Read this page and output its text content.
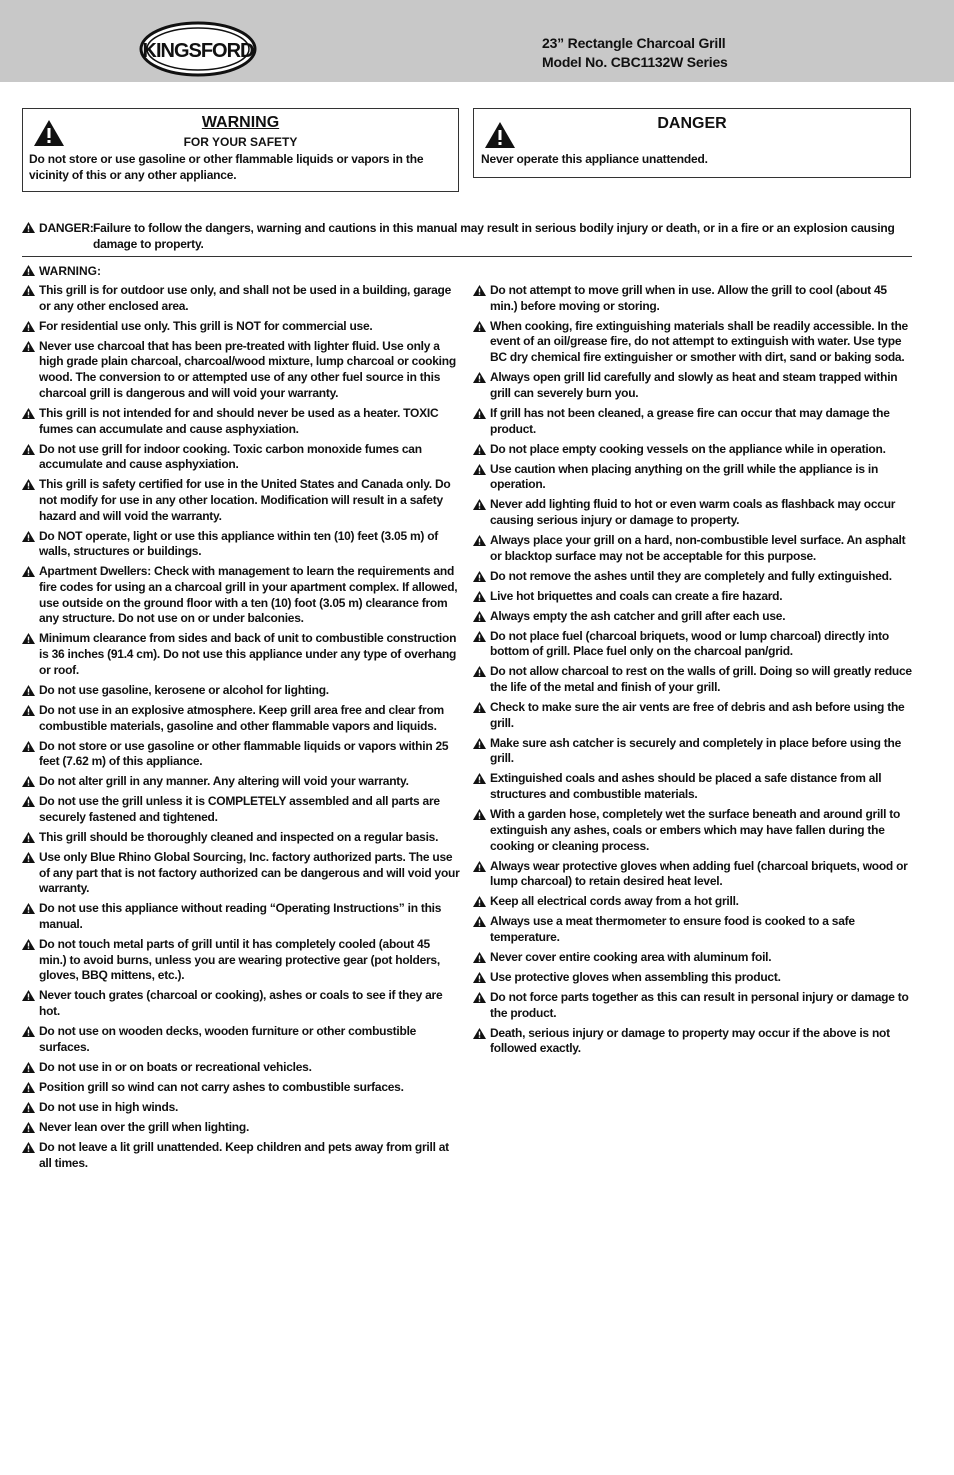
KINGSFORD	23” Rectangle Charcoal Grill
Model No. CBC1132W Series
WARNING
FOR YOUR SAFETY
Do not store or use gasoline or other flammable liquids or vapors in the vicinity of this or any other appliance.
DANGER
Never operate this appliance unattended.
DANGER: Failure to follow the dangers, warning and cautions in this manual may result in serious bodily injury or death, or in a fire or an explosion causing damage to property.
WARNING:
This grill is for outdoor use only, and shall not be used in a building, garage or any other enclosed area.
For residential use only. This grill is NOT for commercial use.
Never use charcoal that has been pre-treated with lighter fluid. Use only a high grade plain charcoal, charcoal/wood mixture, lump charcoal or cooking wood. The conversion to or attempted use of any other fuel source in this charcoal grill is dangerous and will void your warranty.
This grill is not intended for and should never be used as a heater. TOXIC fumes can accumulate and cause asphyxiation.
Do not use grill for indoor cooking. Toxic carbon monoxide fumes can accumulate and cause asphyxiation.
This grill is safety certified for use in the United States and Canada only. Do not modify for use in any other location. Modification will result in a safety hazard and will void the warranty.
Do NOT operate, light or use this appliance within ten (10) feet (3.05 m) of walls, structures or buildings.
Apartment Dwellers: Check with management to learn the requirements and fire codes for using an a charcoal grill in your apartment complex. If allowed, use outside on the ground floor with a ten (10) foot (3.05 m) clearance from any structure. Do not use on or under balconies.
Minimum clearance from sides and back of unit to combustible construction is 36 inches (91.4 cm). Do not use this appliance under any type of overhang or roof.
Do not use gasoline, kerosene or alcohol for lighting.
Do not use in an explosive atmosphere. Keep grill area free and clear from combustible materials, gasoline and other flammable vapors and liquids.
Do not store or use gasoline or other flammable liquids or vapors within 25 feet (7.62 m) of this appliance.
Do not alter grill in any manner. Any altering will void your warranty.
Do not use the grill unless it is COMPLETELY assembled and all parts are securely fastened and tightened.
This grill should be thoroughly cleaned and inspected on a regular basis.
Use only Blue Rhino Global Sourcing, Inc. factory authorized parts. The use of any part that is not factory authorized can be dangerous and will void your warranty.
Do not use this appliance without reading “Operating Instructions” in this manual.
Do not touch metal parts of grill until it has completely cooled (about 45 min.) to avoid burns, unless you are wearing protective gear (pot holders, gloves, BBQ mittens, etc.).
Never touch grates (charcoal or cooking), ashes or coals to see if they are hot.
Do not use on wooden decks, wooden furniture or other combustible surfaces.
Do not use in or on boats or recreational vehicles.
Position grill so wind can not carry ashes to combustible surfaces.
Do not use in high winds.
Never lean over the grill when lighting.
Do not leave a lit grill unattended. Keep children and pets away from grill at all times.
Do not attempt to move grill when in use. Allow the grill to cool (about 45 min.) before moving or storing.
When cooking, fire extinguishing materials shall be readily accessible. In the event of an oil/grease fire, do not attempt to extinguish with water. Use type BC dry chemical fire extinguisher or smother with dirt, sand or baking soda.
Always open grill lid carefully and slowly as heat and steam trapped within grill can severely burn you.
If grill has not been cleaned, a grease fire can occur that may damage the product.
Do not place empty cooking vessels on the appliance while in operation.
Use caution when placing anything on the grill while the appliance is in operation.
Never add lighting fluid to hot or even warm coals as flashback may occur causing serious injury or damage to property.
Always place your grill on a hard, non-combustible level surface. An asphalt or blacktop surface may not be acceptable for this purpose.
Do not remove the ashes until they are completely and fully extinguished.
Live hot briquettes and coals can create a fire hazard.
Always empty the ash catcher and grill after each use.
Do not place fuel (charcoal briquets, wood or lump charcoal) directly into bottom of grill. Place fuel only on the charcoal pan/grid.
Do not allow charcoal to rest on the walls of grill. Doing so will greatly reduce the life of the metal and finish of your grill.
Check to make sure the air vents are free of debris and ash before using the grill.
Make sure ash catcher is securely and completely in place before using the grill.
Extinguished coals and ashes should be placed a safe distance from all structures and combustible materials.
With a garden hose, completely wet the surface beneath and around grill to extinguish any ashes, coals or embers which may have fallen during the cooking or cleaning process.
Always wear protective gloves when adding fuel (charcoal briquets, wood or lump charcoal) to retain desired heat level.
Keep all electrical cords away from a hot grill.
Always use a meat thermometer to ensure food is cooked to a safe temperature.
Never cover entire cooking area with aluminum foil.
Use protective gloves when assembling this product.
Do not force parts together as this can result in personal injury or damage to the product.
Death, serious injury or damage to property may occur if the above is not followed exactly.
